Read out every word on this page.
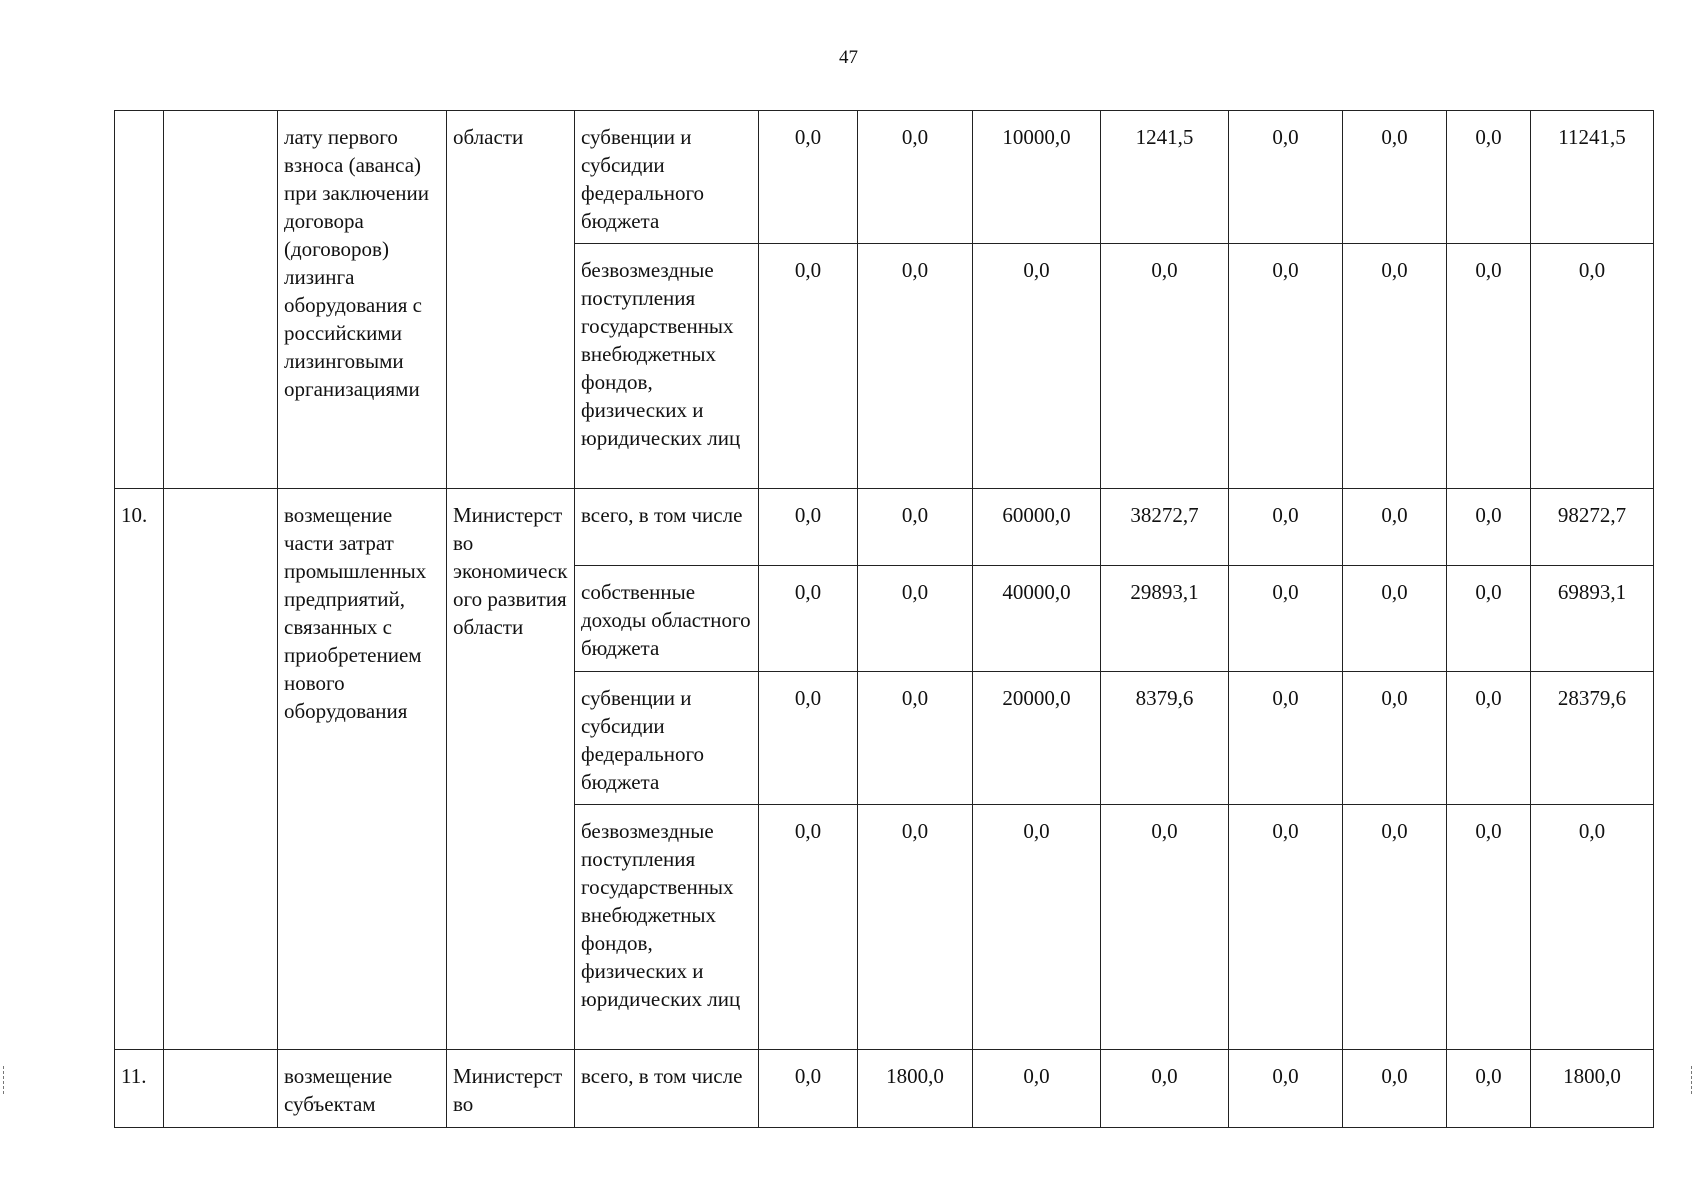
47
		лату первого взноса (аванса) при заключении договора (договоров) лизинга оборудования с российскими лизинговыми организациями	области	субвенции и субсидии федерального бюджета	0,0	0,0	10000,0	1241,5	0,0	0,0	0,0	11241,5
				безвозмездные поступления государственных внебюджетных фондов, физических и юридических лиц	0,0	0,0	0,0	0,0	0,0	0,0	0,0	0,0
10.		возмещение части затрат промышленных предприятий, связанных с приобретением нового оборудования	Министерство экономического развития области	всего, в том числе	0,0	0,0	60000,0	38272,7	0,0	0,0	0,0	98272,7
				собственные доходы областного бюджета	0,0	0,0	40000,0	29893,1	0,0	0,0	0,0	69893,1
				субвенции и субсидии федерального бюджета	0,0	0,0	20000,0	8379,6	0,0	0,0	0,0	28379,6
				безвозмездные поступления государственных внебюджетных фондов, физических и юридических лиц	0,0	0,0	0,0	0,0	0,0	0,0	0,0	0,0
11.		возмещение субъектам	Министерство	всего, в том числе	0,0	1800,0	0,0	0,0	0,0	0,0	0,0	1800,0
